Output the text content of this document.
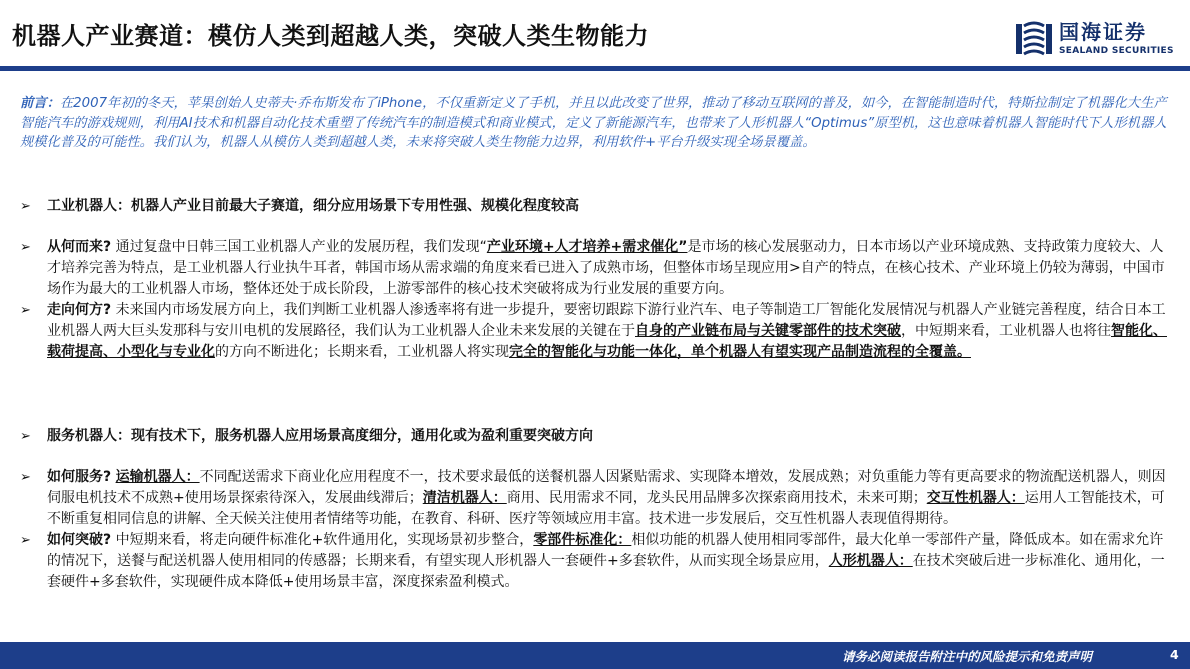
机器人产业赛道：模仿人类到超越人类，突破人类生物能力	国海证券
SEALAND SECURITIES
前言：在2007年初的冬天，苹果创始人史蒂夫·乔布斯发布了iPhone，不仅重新定义了手机，并且以此改变了世界，推动了移动互联网的普及，如今，在智能制造时代，特斯拉制定了机器化大生产智能汽车的游戏规则，利用AI技术和机器自动化技术重塑了传统汽车的制造模式和商业模式，定义了新能源汽车，也带来了人形机器人“Optimus”原型机，这也意味着机器人智能时代下人形机器人规模化普及的可能性。我们认为，机器人从模仿人类到超越人类，未来将突破人类生物能力边界，利用软件+平台升级实现全场景覆盖。

➢ 工业机器人：机器人产业目前最大子赛道，细分应用场景下专用性强、规模化程度较高

➢ 从何而来? 通过复盘中日韩三国工业机器人产业的发展历程，我们发现“产业环境+人才培养+需求催化”是市场的核心发展驱动力，日本市场以产业环境成熟、支持政策力度较大、人才培养完善为特点，是工业机器人行业执牛耳者，韩国市场从需求端的角度来看已进入了成熟市场，但整体市场呈现应用>自产的特点，在核心技术、产业环境上仍较为薄弱，中国市场作为最大的工业机器人市场，整体还处于成长阶段，上游零部件的核心技术突破将成为行业发展的重要方向。

➢ 走向何方? 未来国内市场发展方向上，我们判断工业机器人渗透率将有进一步提升，要密切跟踪下游行业汽车、电子等制造工厂智能化发展情况与机器人产业链完善程度，结合日本工业机器人两大巨头发那科与安川电机的发展路径，我们认为工业机器人企业未来发展的关键在于自身的产业链布局与关键零部件的技术突破，中短期来看，工业机器人也将往智能化、载荷提高、小型化与专业化的方向不断进化；长期来看，工业机器人将实现完全的智能化与功能一体化，单个机器人有望实现产品制造流程的全覆盖。

➢ 服务机器人：现有技术下，服务机器人应用场景高度细分，通用化或为盈利重要突破方向

➢ 如何服务? 运输机器人：不同配送需求下商业化应用程度不一，技术要求最低的送餐机器人因紧贴需求、实现降本增效，发展成熟；对负重能力等有更高要求的物流配送机器人，则因伺服电机技术不成熟+使用场景探索待深入，发展曲线滞后；清洁机器人：商用、民用需求不同，龙头民用品牌多次探索商用技术，未来可期；交互性机器人：运用人工智能技术，可不断重复相同信息的讲解、全天候关注使用者情绪等功能，在教育、科研、医疗等领域应用丰富。技术进一步发展后，交互性机器人表现值得期待。

➢ 如何突破? 中短期来看，将走向硬件标准化+软件通用化，实现场景初步整合，零部件标准化：相似功能的机器人使用相同零部件，最大化单一零部件产量，降低成本。如在需求允许的情况下，送餐与配送机器人使用相同的传感器；长期来看，有望实现人形机器人一套硬件+多套软件，从而实现全场景应用，人形机器人：在技术突破后进一步标准化、通用化，一套硬件+多套软件，实现硬件成本降低+使用场景丰富，深度探索盈利模式。

请务必阅读报告附注中的风险提示和免责声明	4
